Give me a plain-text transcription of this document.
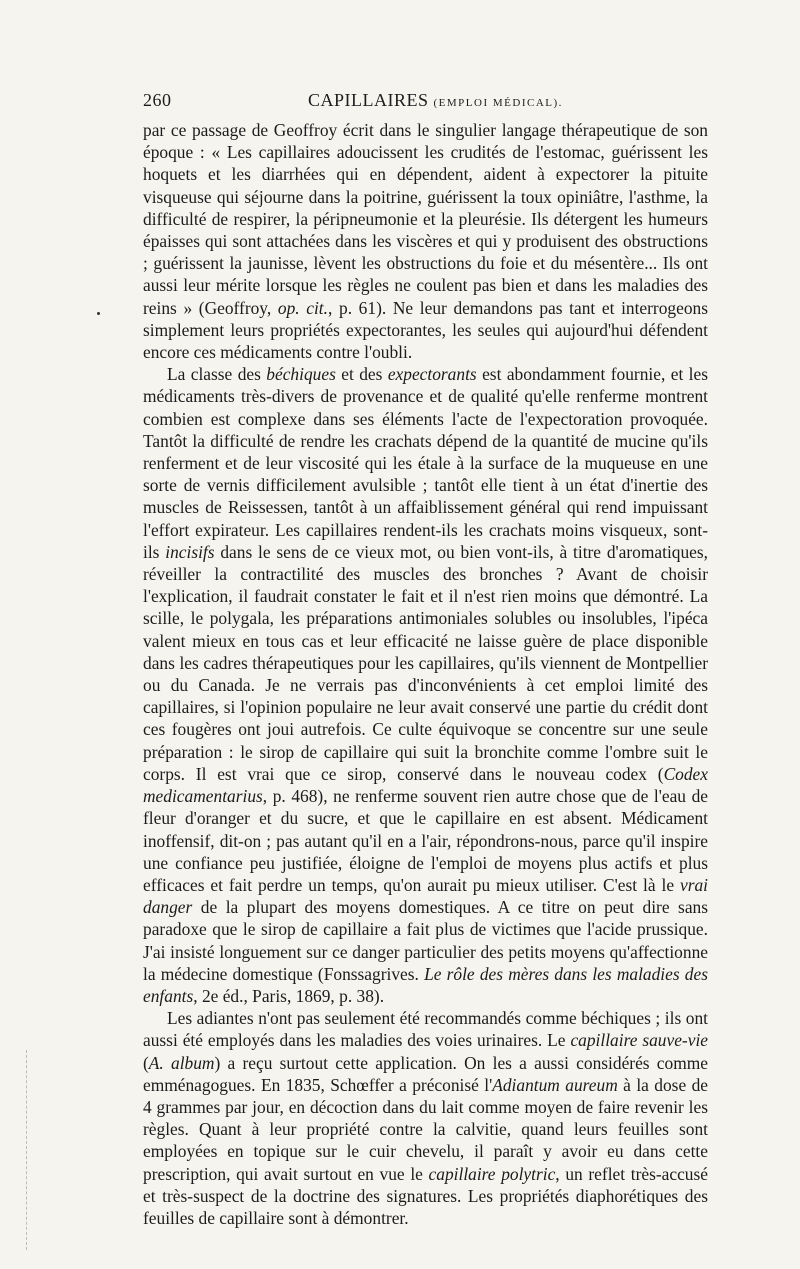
260	CAPILLAIRES (EMPLOI MÉDICAL).

par ce passage de Geoffroy écrit dans le singulier langage thérapeutique de son époque : « Les capillaires adoucissent les crudités de l'estomac, guérissent les hoquets et les diarrhées qui en dépendent, aident à expectorer la pituite visqueuse qui séjourne dans la poitrine, guérissent la toux opiniâtre, l'asthme, la difficulté de respirer, la péripneumonie et la pleurésie. Ils détergent les humeurs épaisses qui sont attachées dans les viscères et qui y produisent des obstructions ; guérissent la jaunisse, lèvent les obstructions du foie et du mésentère... Ils ont aussi leur mérite lorsque les règles ne coulent pas bien et dans les maladies des reins » (Geoffroy, op. cit., p. 61). Ne leur demandons pas tant et interrogeons simplement leurs propriétés expectorantes, les seules qui aujourd'hui défendent encore ces médicaments contre l'oubli.

La classe des béchiques et des expectorants est abondamment fournie, et les médicaments très-divers de provenance et de qualité qu'elle renferme montrent combien est complexe dans ses éléments l'acte de l'expectoration provoquée. Tantôt la difficulté de rendre les crachats dépend de la quantité de mucine qu'ils renferment et de leur viscosité qui les étale à la surface de la muqueuse en une sorte de vernis difficilement avulsible ; tantôt elle tient à un état d'inertie des muscles de Reissessen, tantôt à un affaiblissement général qui rend impuissant l'effort expirateur. Les capillaires rendent-ils les crachats moins visqueux, sont-ils incisifs dans le sens de ce vieux mot, ou bien vont-ils, à titre d'aromatiques, réveiller la contractilité des muscles des bronches ? Avant de choisir l'explication, il faudrait constater le fait et il n'est rien moins que démontré. La scille, le polygala, les préparations antimoniales solubles ou insolubles, l'ipéca valent mieux en tous cas et leur efficacité ne laisse guère de place disponible dans les cadres thérapeutiques pour les capillaires, qu'ils viennent de Montpellier ou du Canada. Je ne verrais pas d'inconvénients à cet emploi limité des capillaires, si l'opinion populaire ne leur avait conservé une partie du crédit dont ces fougères ont joui autrefois. Ce culte équivoque se concentre sur une seule préparation : le sirop de capillaire qui suit la bronchite comme l'ombre suit le corps. Il est vrai que ce sirop, conservé dans le nouveau codex (Codex medicamentarius, p. 468), ne renferme souvent rien autre chose que de l'eau de fleur d'oranger et du sucre, et que le capillaire en est absent. Médicament inoffensif, dit-on ; pas autant qu'il en a l'air, répondrons-nous, parce qu'il inspire une confiance peu justifiée, éloigne de l'emploi de moyens plus actifs et plus efficaces et fait perdre un temps, qu'on aurait pu mieux utiliser. C'est là le vrai danger de la plupart des moyens domestiques. A ce titre on peut dire sans paradoxe que le sirop de capillaire a fait plus de victimes que l'acide prussique. J'ai insisté longuement sur ce danger particulier des petits moyens qu'affectionne la médecine domestique (Fonssagrives. Le rôle des mères dans les maladies des enfants, 2e éd., Paris, 1869, p. 38).

Les adiantes n'ont pas seulement été recommandés comme béchiques ; ils ont aussi été employés dans les maladies des voies urinaires. Le capillaire sauve-vie (A. album) a reçu surtout cette application. On les a aussi considérés comme emménagogues. En 1835, Schœffer a préconisé l'Adiantum aureum à la dose de 4 grammes par jour, en décoction dans du lait comme moyen de faire revenir les règles. Quant à leur propriété contre la calvitie, quand leurs feuilles sont employées en topique sur le cuir chevelu, il paraît y avoir eu dans cette prescription, qui avait surtout en vue le capillaire polytric, un reflet très-accusé et très-suspect de la doctrine des signatures. Les propriétés diaphorétiques des feuilles de capillaire sont à démontrer.
